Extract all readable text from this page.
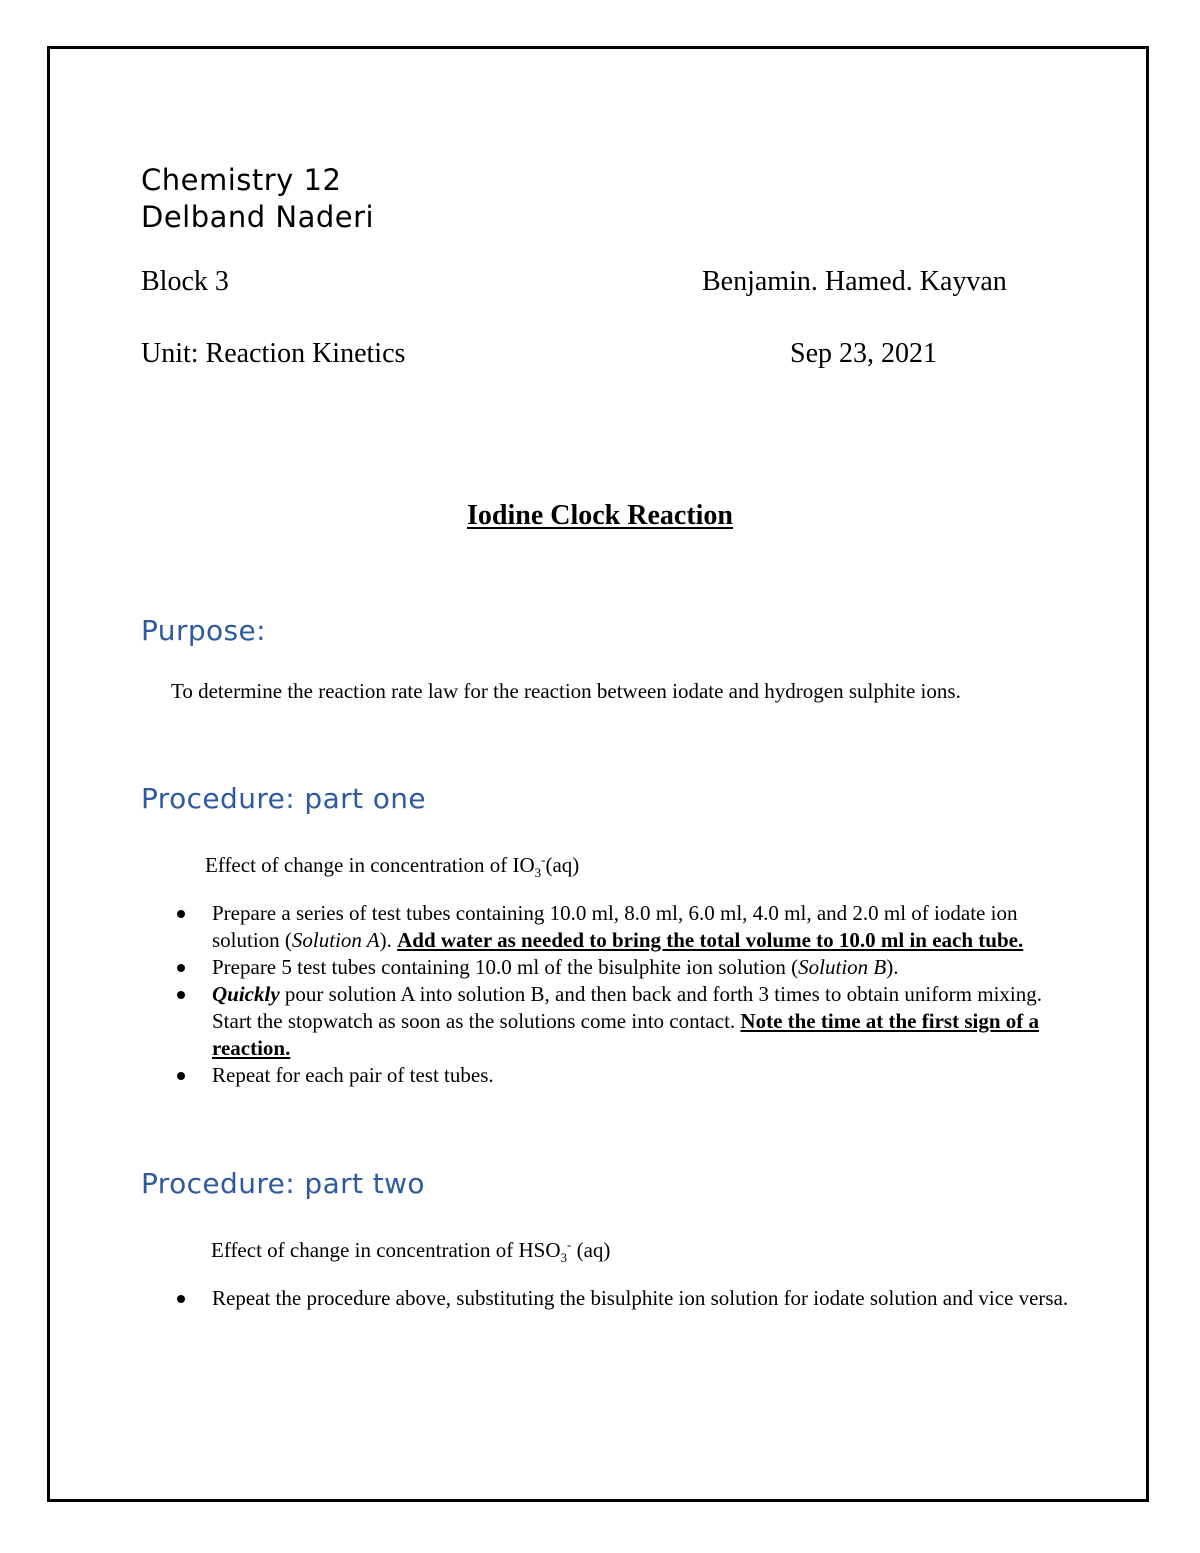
Chemistry 12
Delband Naderi
Block 3	Benjamin. Hamed. Kayvan
Unit: Reaction Kinetics	Sep 23, 2021
Iodine Clock Reaction
Purpose:
To determine the reaction rate law for the reaction between iodate and hydrogen sulphite ions.
Procedure: part one
Effect of change in concentration of $IO_3^-(aq)$
Prepare a series of test tubes containing 10.0 ml, 8.0 ml, 6.0 ml, 4.0 ml, and 2.0 ml of iodate ion solution (Solution A). Add water as needed to bring the total volume to 10.0 ml in each tube.
Prepare 5 test tubes containing 10.0 ml of the bisulphite ion solution (Solution B).
Quickly pour solution A into solution B, and then back and forth 3 times to obtain uniform mixing. Start the stopwatch as soon as the solutions come into contact. Note the time at the first sign of a reaction.
Repeat for each pair of test tubes.
Procedure: part two
Effect of change in concentration of $HSO_3^-$ (aq)
Repeat the procedure above, substituting the bisulphite ion solution for iodate solution and vice versa.
